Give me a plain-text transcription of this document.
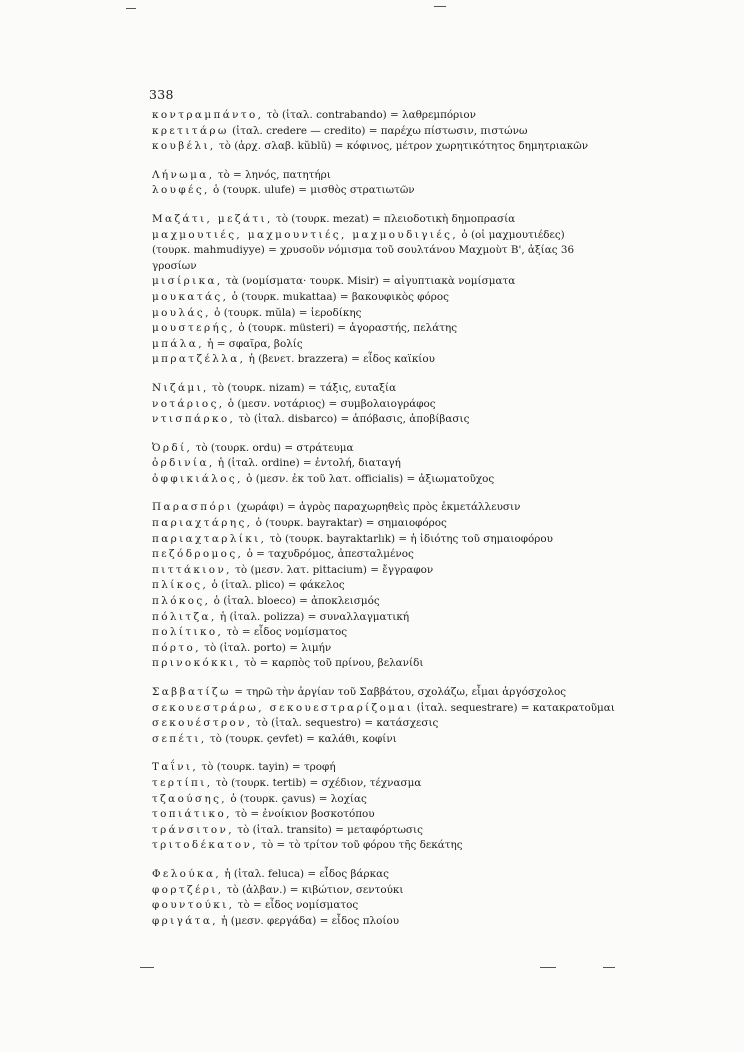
338
κοντραμπάντο, τὸ (ἰταλ. contrabando) = λαθρεμπόριον
κρετιτάρω (ἰταλ. credere — credito) = παρέχω πίστωσιν, πιστώνω
κουβέλι, τὸ (ἀρχ. σλαβ. kŭblŭ) = κόφινος, μέτρον χωρητικότητος δημητριακῶν
Λήνωμα, τὸ = ληνός, πατητήρι
λουφές, ὁ (τουρκ. ulufe) = μισθὸς στρατιωτῶν
Μαζάτι, μεζάτι, τὸ (τουρκ. mezat) = πλειοδοτικὴ δημοπρασία
μαχμουτιές, μαχμουντιές, μαχμουδιγιές, ὁ (οἱ μαχμουτιέδες) (τουρκ. mahmudiyye) = χρυσοῦν νόμισμα τοῦ σουλτάνου Μαχμοὺτ Β', ἀξίας 36 γροσίων
μισίρικα, τὰ (νομίσματα· τουρκ. Misir) = αἰγυπτιακὰ νομίσματα
μουκατάς, ὁ (τουρκ. mukattaa) = βακουφικὸς φόρος
μουλάς, ὁ (τουρκ. mŭla) = ἱεροδίκης
μουστερής, ὁ (τουρκ. müsteri) = ἀγοραστής, πελάτης
μπάλα, ἡ = σφαῖρα, βολίς
μπρατζέλλα, ἡ (βενετ. brazzera) = εἶδος καϊκίου
Νιζάμι, τὸ (τουρκ. nizam) = τάξις, ευταξία
νοτάριος, ὁ (μεσν. νοτάριος) = συμβολαιογράφος
ντισπάρκο, τὸ (ἰταλ. disbarco) = ἀπόβασις, ἀποβίβασις
Ὀρδί, τὸ (τουρκ. ordu) = στράτευμα
ὀρδινία, ἡ (ἰταλ. ordine) = ἐντολή, διαταγή
ὀφφικιάλος, ὁ (μεσν. ἐκ τοῦ λατ. officialis) = ἀξιωματοῦχος
Παρασπόρι (χωράφι) = ἀγρὸς παραχωρηθεὶς πρὸς ἐκμετάλλευσιν
παριαχτάρης, ὁ (τουρκ. bayraktar) = σημαιοφόρος
παριαχταρλίκι, τὸ (τουρκ. bayraktarlık) = ἡ ἰδιότης τοῦ σημαιοφόρου
πεζόδρομος, ὁ = ταχυδρόμος, ἀπεσταλμένος
πιττάκιον, τὸ (μεσν. λατ. pittacium) = ἔγγραφον
πλίκος, ὁ (ἰταλ. plico) = φάκελος
πλόκος, ὁ (ἰταλ. bloeco) = ἀποκλεισμός
πόλιτζα, ἡ (ἰταλ. polizza) = συναλλαγματική
πολίτικο, τὸ = εἶδος νομίσματος
πόρτο, τὸ (ἰταλ. porto) = λιμήν
πρινοκόκκι, τὸ = καρπὸς τοῦ πρίνου, βελανίδι
Σαββατίζω = τηρῶ τὴν ἀργίαν τοῦ Σαββάτου, σχολάζω, εἶμαι ἀργόσχολος
σεκουεστράρω, σεκουεστραρίζομαι (ἰταλ. sequestrare) = κατακρατοῦμαι
σεκουέστρον, τὸ (ἰταλ. sequestro) = κατάσχεσις
σεπέτι, τὸ (τουρκ. çevfet) = καλάθι, κοφίνι
Ταΐνι, τὸ (τουρκ. tayin) = τροφή
τερτίπι, τὸ (τουρκ. tertib) = σχέδιον, τέχνασμα
τζαούσης, ὁ (τουρκ. çavus) = λοχίας
τοπιάτικο, τὸ = ἐνοίκιον βοσκοτόπου
τράνσιτον, τὸ (ἰταλ. transito) = μεταφόρτωσις
τριτοδέκατον, τὸ = τὸ τρίτον τοῦ φόρου τῆς δεκάτης
Φελούκα, ἡ (ἰταλ. feluca) = εἶδος βάρκας
φορτζέρι, τὸ (ἀλβαν.) = κιβώτιον, σεντούκι
φουντούκι, τὸ = εἶδος νομίσματος
φριγάτα, ἡ (μεσν. φεργάδα) = εἶδος πλοίου
